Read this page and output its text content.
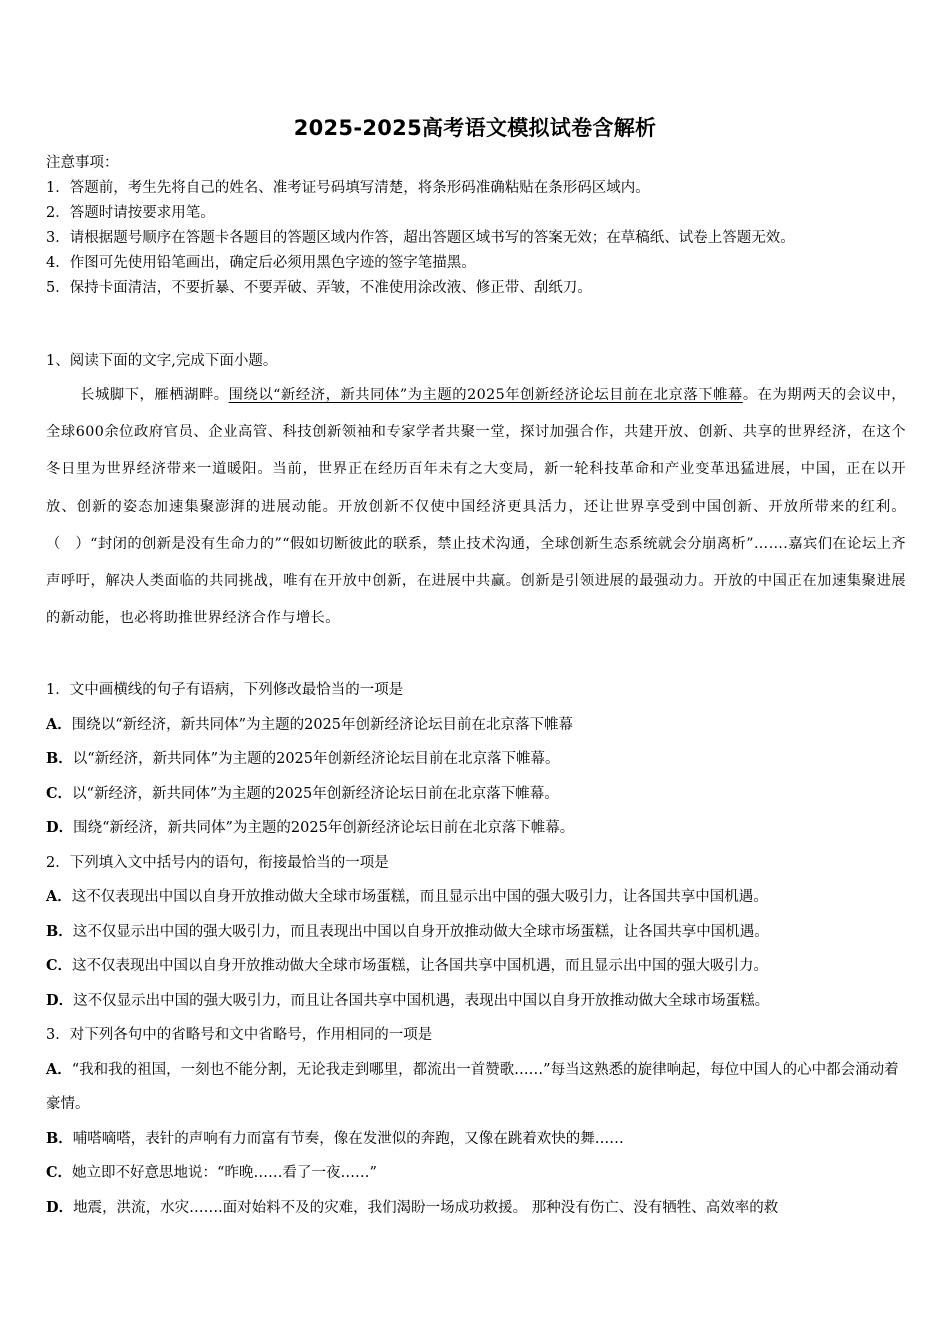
2025-2025高考语文模拟试卷含解析
注意事项：
1．答题前，考生先将自己的姓名、准考证号码填写清楚，将条形码准确粘贴在条形码区域内。
2．答题时请按要求用笔。
3．请根据题号顺序在答题卡各题目的答题区域内作答，超出答题区域书写的答案无效；在草稿纸、试卷上答题无效。
4．作图可先使用铅笔画出，确定后必须用黑色字迹的签字笔描黑。
5．保持卡面清洁，不要折暴、不要弄破、弄皱，不准使用涂改液、修正带、刮纸刀。
1、阅读下面的文字,完成下面小题。
长城脚下，雁栖湖畔。围绕以“新经济，新共同体”为主题的2025年创新经济论坛目前在北京落下帷幕。在为期两天的会议中，全球600余位政府官员、企业高管、科技创新领袖和专家学者共聚一堂，探讨加强合作，共建开放、创新、共享的世界经济，在这个冬日里为世界经济带来一道暖阳。当前，世界正在经历百年未有之大变局，新一轮科技革命和产业变革迅猛进展，中国，正在以开放、创新的姿态加速集聚澎湃的进展动能。开放创新不仅使中国经济更具活力，还让世界享受到中国创新、开放所带来的红利。（　）“封闭的创新是没有生命力的”“假如切断彼此的联系，禁止技术沟通，全球创新生态系统就会分崩离析”…….嘉宾们在论坛上齐声呼吁，解决人类面临的共同挑战，唯有在开放中创新，在进展中共赢。创新是引领进展的最强动力。开放的中国正在加速集聚进展的新动能，也必将助推世界经济合作与增长。
1．文中画横线的句子有语病，下列修改最恰当的一项是
A．围绕以“新经济，新共同体”为主题的2025年创新经济论坛目前在北京落下帷幕
B．以“新经济，新共同体”为主题的2025年创新经济论坛目前在北京落下帷幕。
C．以“新经济，新共同体”为主题的2025年创新经济论坛日前在北京落下帷幕。
D．围绕“新经济，新共同体”为主题的2025年创新经济论坛日前在北京落下帷幕。
2．下列填入文中括号内的语句，衔接最恰当的一项是
A．这不仅表现出中国以自身开放推动做大全球市场蛋糕，而且显示出中国的强大吸引力，让各国共享中国机遇。
B．这不仅显示出中国的强大吸引力，而且表现出中国以自身开放推动做大全球市场蛋糕，让各国共享中国机遇。
C．这不仅表现出中国以自身开放推动做大全球市场蛋糕，让各国共享中国机遇，而且显示出中国的强大吸引力。
D．这不仅显示出中国的强大吸引力，而且让各国共享中国机遇，表现出中国以自身开放推动做大全球市场蛋糕。
3．对下列各句中的省略号和文中省略号，作用相同的一项是
A．“我和我的祖国，一刻也不能分割，无论我走到哪里，都流出一首赞歌……”每当这熟悉的旋律响起，每位中国人的心中都会涌动着豪情。
B．哺嗒嘀嗒，表针的声响有力而富有节奏，像在发泄似的奔跑，又像在跳着欢快的舞……
C．她立即不好意思地说：“昨晚……看了一夜……”
D．地震，洪流，水灾…….面对始料不及的灾难，我们渴盼一场成功救援。 那种没有伤亡、没有牺牲、高效率的救
